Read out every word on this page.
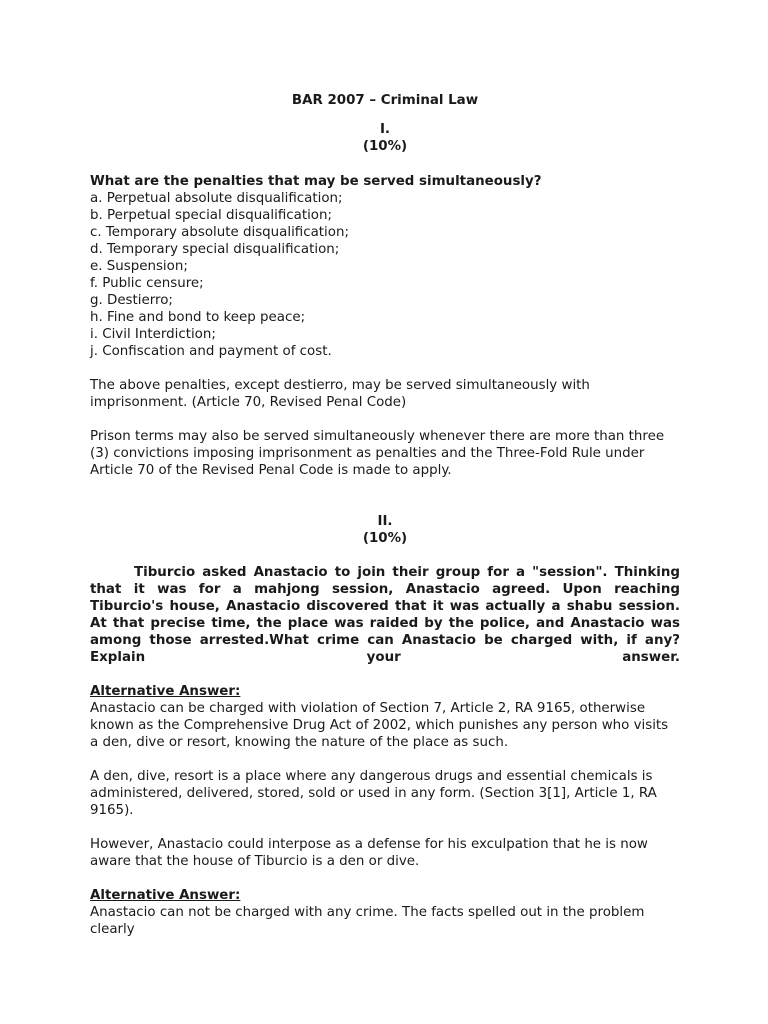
BAR 2007 – Criminal Law
I.
(10%)
What are the penalties that may be served simultaneously?
a. Perpetual absolute disqualification;
b. Perpetual special disqualification;
c. Temporary absolute disqualification;
d. Temporary special disqualification;
e. Suspension;
f. Public censure;
g. Destierro;
h. Fine and bond to keep peace;
i. Civil Interdiction;
j. Confiscation and payment of cost.

The above penalties, except destierro, may be served simultaneously with imprisonment. (Article 70, Revised Penal Code)

Prison terms may also be served simultaneously whenever there are more than three (3) convictions imposing imprisonment as penalties and the Three-Fold Rule under Article 70 of the Revised Penal Code is made to apply.

II.
(10%)

Tiburcio asked Anastacio to join their group for a "session". Thinking that it was for a mahjong session, Anastacio agreed. Upon reaching Tiburcio's house, Anastacio discovered that it was actually a shabu session. At that precise time, the place was raided by the police, and Anastacio was among those arrested.What crime can Anastacio be charged with, if any? Explain your answer.

Alternative Answer:

Anastacio can be charged with violation of Section 7, Article 2, RA 9165, otherwise known as the Comprehensive Drug Act of 2002, which punishes any person who visits a den, dive or resort, knowing the nature of the place as such.

A den, dive, resort is a place where any dangerous drugs and essential chemicals is administered, delivered, stored, sold or used in any form. (Section 3[1], Article 1, RA 9165).

However, Anastacio could interpose as a defense for his exculpation that he is now aware that the house of Tiburcio is a den or dive.

Alternative Answer:

Anastacio can not be charged with any crime. The facts spelled out in the problem clearly
